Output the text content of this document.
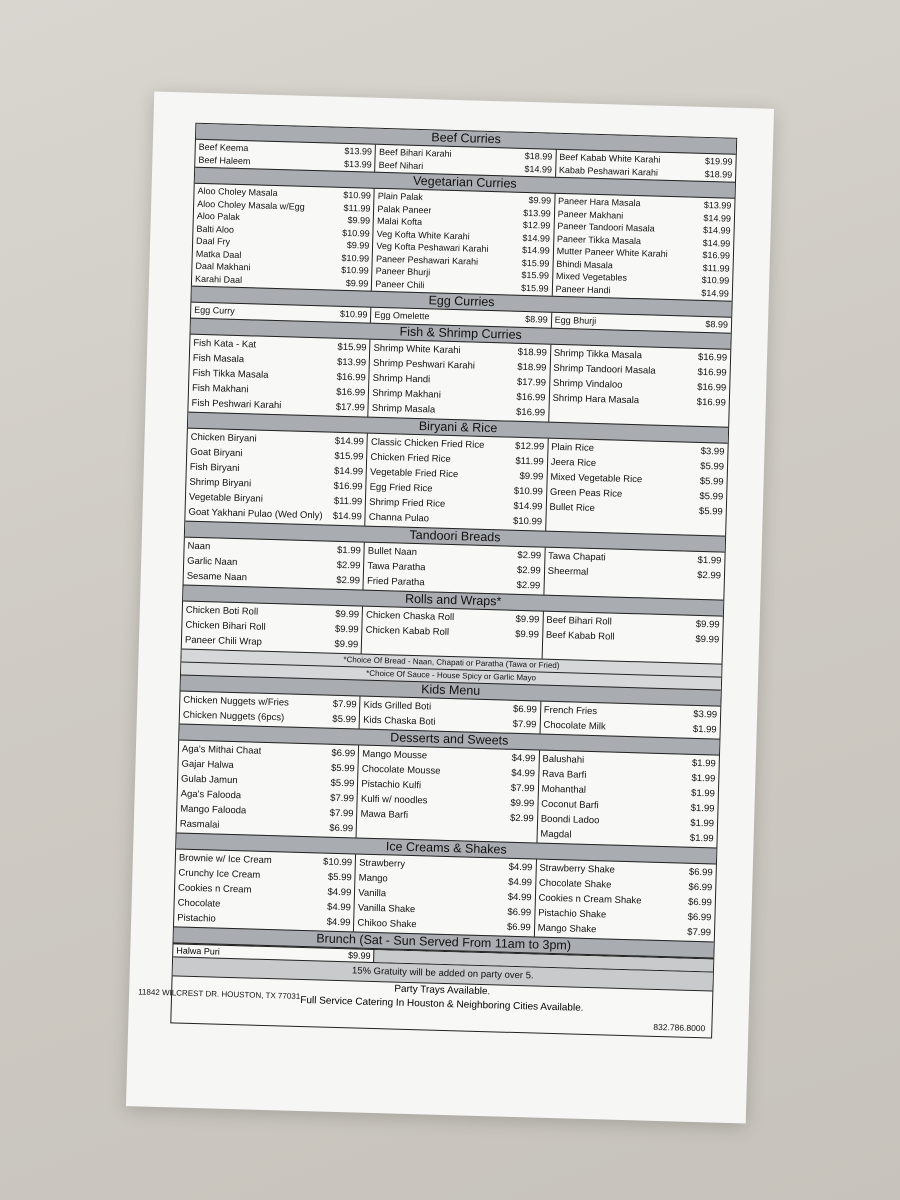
Beef Curries
Beef Keema	$13.99
Beef Haleem	$13.99
Beef Bihari Karahi	$18.99
Beef Nihari	$14.99
Beef Kabab White Karahi	$19.99
Kabab Peshawari Karahi	$18.99
Vegetarian Curries
Aloo Choley Masala	$10.99
Aloo Choley Masala w/Egg	$11.99
Aloo Palak	$9.99
Balti Aloo	$10.99
Daal Fry	$9.99
Matka Daal	$10.99
Daal Makhani	$10.99
Karahi Daal	$9.99
Plain Palak	$9.99
Palak Paneer	$13.99
Malai Kofta	$12.99
Veg Kofta White Karahi	$14.99
Veg Kofta Peshawari Karahi	$14.99
Paneer Peshawari Karahi	$15.99
Paneer Bhurji	$15.99
Paneer Chili	$15.99
Paneer Hara Masala	$13.99
Paneer Makhani	$14.99
Paneer Tandoori Masala	$14.99
Paneer Tikka Masala	$14.99
Mutter Paneer White Karahi	$16.99
Bhindi Masala	$11.99
Mixed Vegetables	$10.99
Paneer Handi	$14.99
Egg Curries
Egg Curry	$10.99 Egg Omelette	$8.99 Egg Bhurji	$8.99
Fish & Shrimp Curries
Fish Kata - Kat	$15.99
Fish Masala	$13.99
Fish Tikka Masala	$16.99
Fish Makhani	$16.99
Fish Peshwari Karahi	$17.99
Shrimp White Karahi	$18.99
Shrimp Peshwari Karahi	$18.99
Shrimp Handi	$17.99
Shrimp Makhani	$16.99
Shrimp Masala	$16.99
Shrimp Tikka Masala	$16.99
Shrimp Tandoori Masala	$16.99
Shrimp Vindaloo	$16.99
Shrimp Hara Masala	$16.99
Biryani & Rice
Chicken Biryani	$14.99
Goat Biryani	$15.99
Fish Biryani	$14.99
Shrimp Biryani	$16.99
Vegetable Biryani	$11.99
Goat Yakhani Pulao (Wed Only)	$14.99
Classic Chicken Fried Rice	$12.99
Chicken Fried Rice	$11.99
Vegetable Fried Rice	$9.99
Egg Fried Rice	$10.99
Shrimp Fried Rice	$14.99
Channa Pulao	$10.99
Plain Rice	$3.99
Jeera Rice	$5.99
Mixed Vegetable Rice	$5.99
Green Peas Rice	$5.99
Bullet Rice	$5.99
Tandoori Breads
Naan	$1.99
Garlic Naan	$2.99
Sesame Naan	$2.99
Bullet Naan	$2.99
Tawa Paratha	$2.99
Fried Paratha	$2.99
Tawa Chapati	$1.99
Sheermal	$2.99
Rolls and Wraps*
Chicken Boti Roll	$9.99
Chicken Bihari Roll	$9.99
Paneer Chili Wrap	$9.99
Chicken Chaska Roll	$9.99
Chicken Kabab Roll	$9.99
Beef Bihari Roll	$9.99
Beef Kabab Roll	$9.99
*Choice Of Bread - Naan, Chapati or Paratha (Tawa or Fried)
*Choice Of Sauce - House Spicy or Garlic Mayo
Kids Menu
Chicken Nuggets w/Fries	$7.99
Chicken Nuggets (6pcs)	$5.99
Kids Grilled Boti	$6.99
Kids Chaska Boti	$7.99
French Fries	$3.99
Chocolate Milk	$1.99
Desserts and Sweets
Aga's Mithai Chaat	$6.99
Gajar Halwa	$5.99
Gulab Jamun	$5.99
Aga's Falooda	$7.99
Mango Falooda	$7.99
Rasmalai	$6.99
Mango Mousse	$4.99
Chocolate Mousse	$4.99
Pistachio Kulfi	$7.99
Kulfi w/ noodles	$9.99
Mawa Barfi	$2.99
Balushahi	$1.99
Rava Barfi	$1.99
Mohanthal	$1.99
Coconut Barfi	$1.99
Boondi Ladoo	$1.99
Magdal	$1.99
Ice Creams & Shakes
Brownie w/ Ice Cream	$10.99
Crunchy Ice Cream	$5.99
Cookies n Cream	$4.99
Chocolate	$4.99
Pistachio	$4.99
Strawberry	$4.99
Mango	$4.99
Vanilla	$4.99
Vanilla Shake	$6.99
Chikoo Shake	$6.99
Strawberry Shake	$6.99
Chocolate Shake	$6.99
Cookies n Cream Shake	$6.99
Pistachio Shake	$6.99
Mango Shake	$7.99
Brunch (Sat - Sun Served From 11am to 3pm)
Halwa Puri	$9.99
15% Gratuity will be added on party over 5.
Party Trays Available.
Full Service Catering In Houston & Neighboring Cities Available.
11842 WILCREST DR. HOUSTON, TX 77031
832.786.8000
